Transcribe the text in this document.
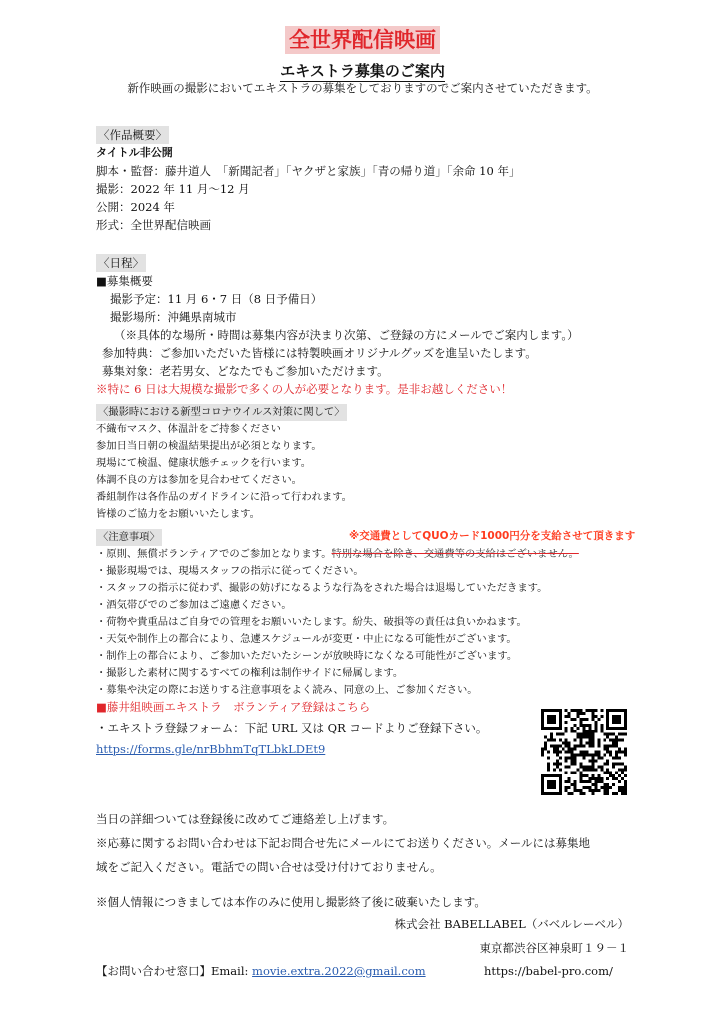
全世界配信映画
エキストラ募集のご案内
新作映画の撮影においてエキストラの募集をしておりますのでご案内させていただきます。
〈作品概要〉
タイトル非公開
脚本・監督：藤井道人　「新聞記者」「ヤクザと家族」「青の帰り道」「余命 10 年」
撮影：2022 年 11 月〜12 月
公開：2024 年
形式：全世界配信映画
〈日程〉
■募集概要
撮影予定：11 月 6・7 日（8 日予備日）
撮影場所：沖縄県南城市
（※具体的な場所・時間は募集内容が決まり次第、ご登録の方にメールでご案内します。）
参加特典：ご参加いただいた皆様には特製映画オリジナルグッズを進呈いたします。
募集対象：老若男女、どなたでもご参加いただけます。
※特に 6 日は大規模な撮影で多くの人が必要となります。是非お越しください！
〈撮影時における新型コロナウイルス対策に関して〉
不織布マスク、体温計をご持参ください
参加日当日朝の検温結果提出が必須となります。
現場にて検温、健康状態チェックを行います。
体調不良の方は参加を見合わせてください。
番組制作は各作品のガイドラインに沿って行われます。
皆様のご協力をお願いいたします。
〈注意事項〉
・原則、無償ボランティアでのご参加となります。特別な場合を除き、交通費等の支給はございません。
・撮影現場では、現場スタッフの指示に従ってください。
・スタッフの指示に従わず、撮影の妨げになるような行為をされた場合は退場していただきます。
・酒気帯びでのご参加はご遠慮ください。
・荷物や貴重品はご自身での管理をお願いいたします。紛失、破損等の責任は負いかねます。
・天気や制作上の都合により、急遽スケジュールが変更・中止になる可能性がございます。
・制作上の都合により、ご参加いただいたシーンが放映時になくなる可能性がございます。
・撮影した素材に関するすべての権利は制作サイドに帰属します。
・募集や決定の際にお送りする注意事項をよく読み、同意の上、ご参加ください。
※交通費としてQUOカード1000円分を支給させて頂きます
■藤井組映画エキストラ　ボランティア登録はこちら
・エキストラ登録フォーム：下記 URL 又は QR コードよりご登録下さい。
https://forms.gle/nrBbhmTqTLbkLDEt9
当日の詳細ついては登録後に改めてご連絡差し上げます。
※応募に関するお問い合わせは下記お問合せ先にメールにてお送りください。メールには募集地
域をご記入ください。電話での問い合せは受け付けておりません。
※個人情報につきましては本作のみに使用し撮影終了後に破棄いたします。
株式会社 BABELLABEL（バベルレーベル）
東京都渋谷区神泉町１９－１
【お問い合わせ窓口】Email: movie.extra.2022@gmail.com	https://babel-pro.com/
